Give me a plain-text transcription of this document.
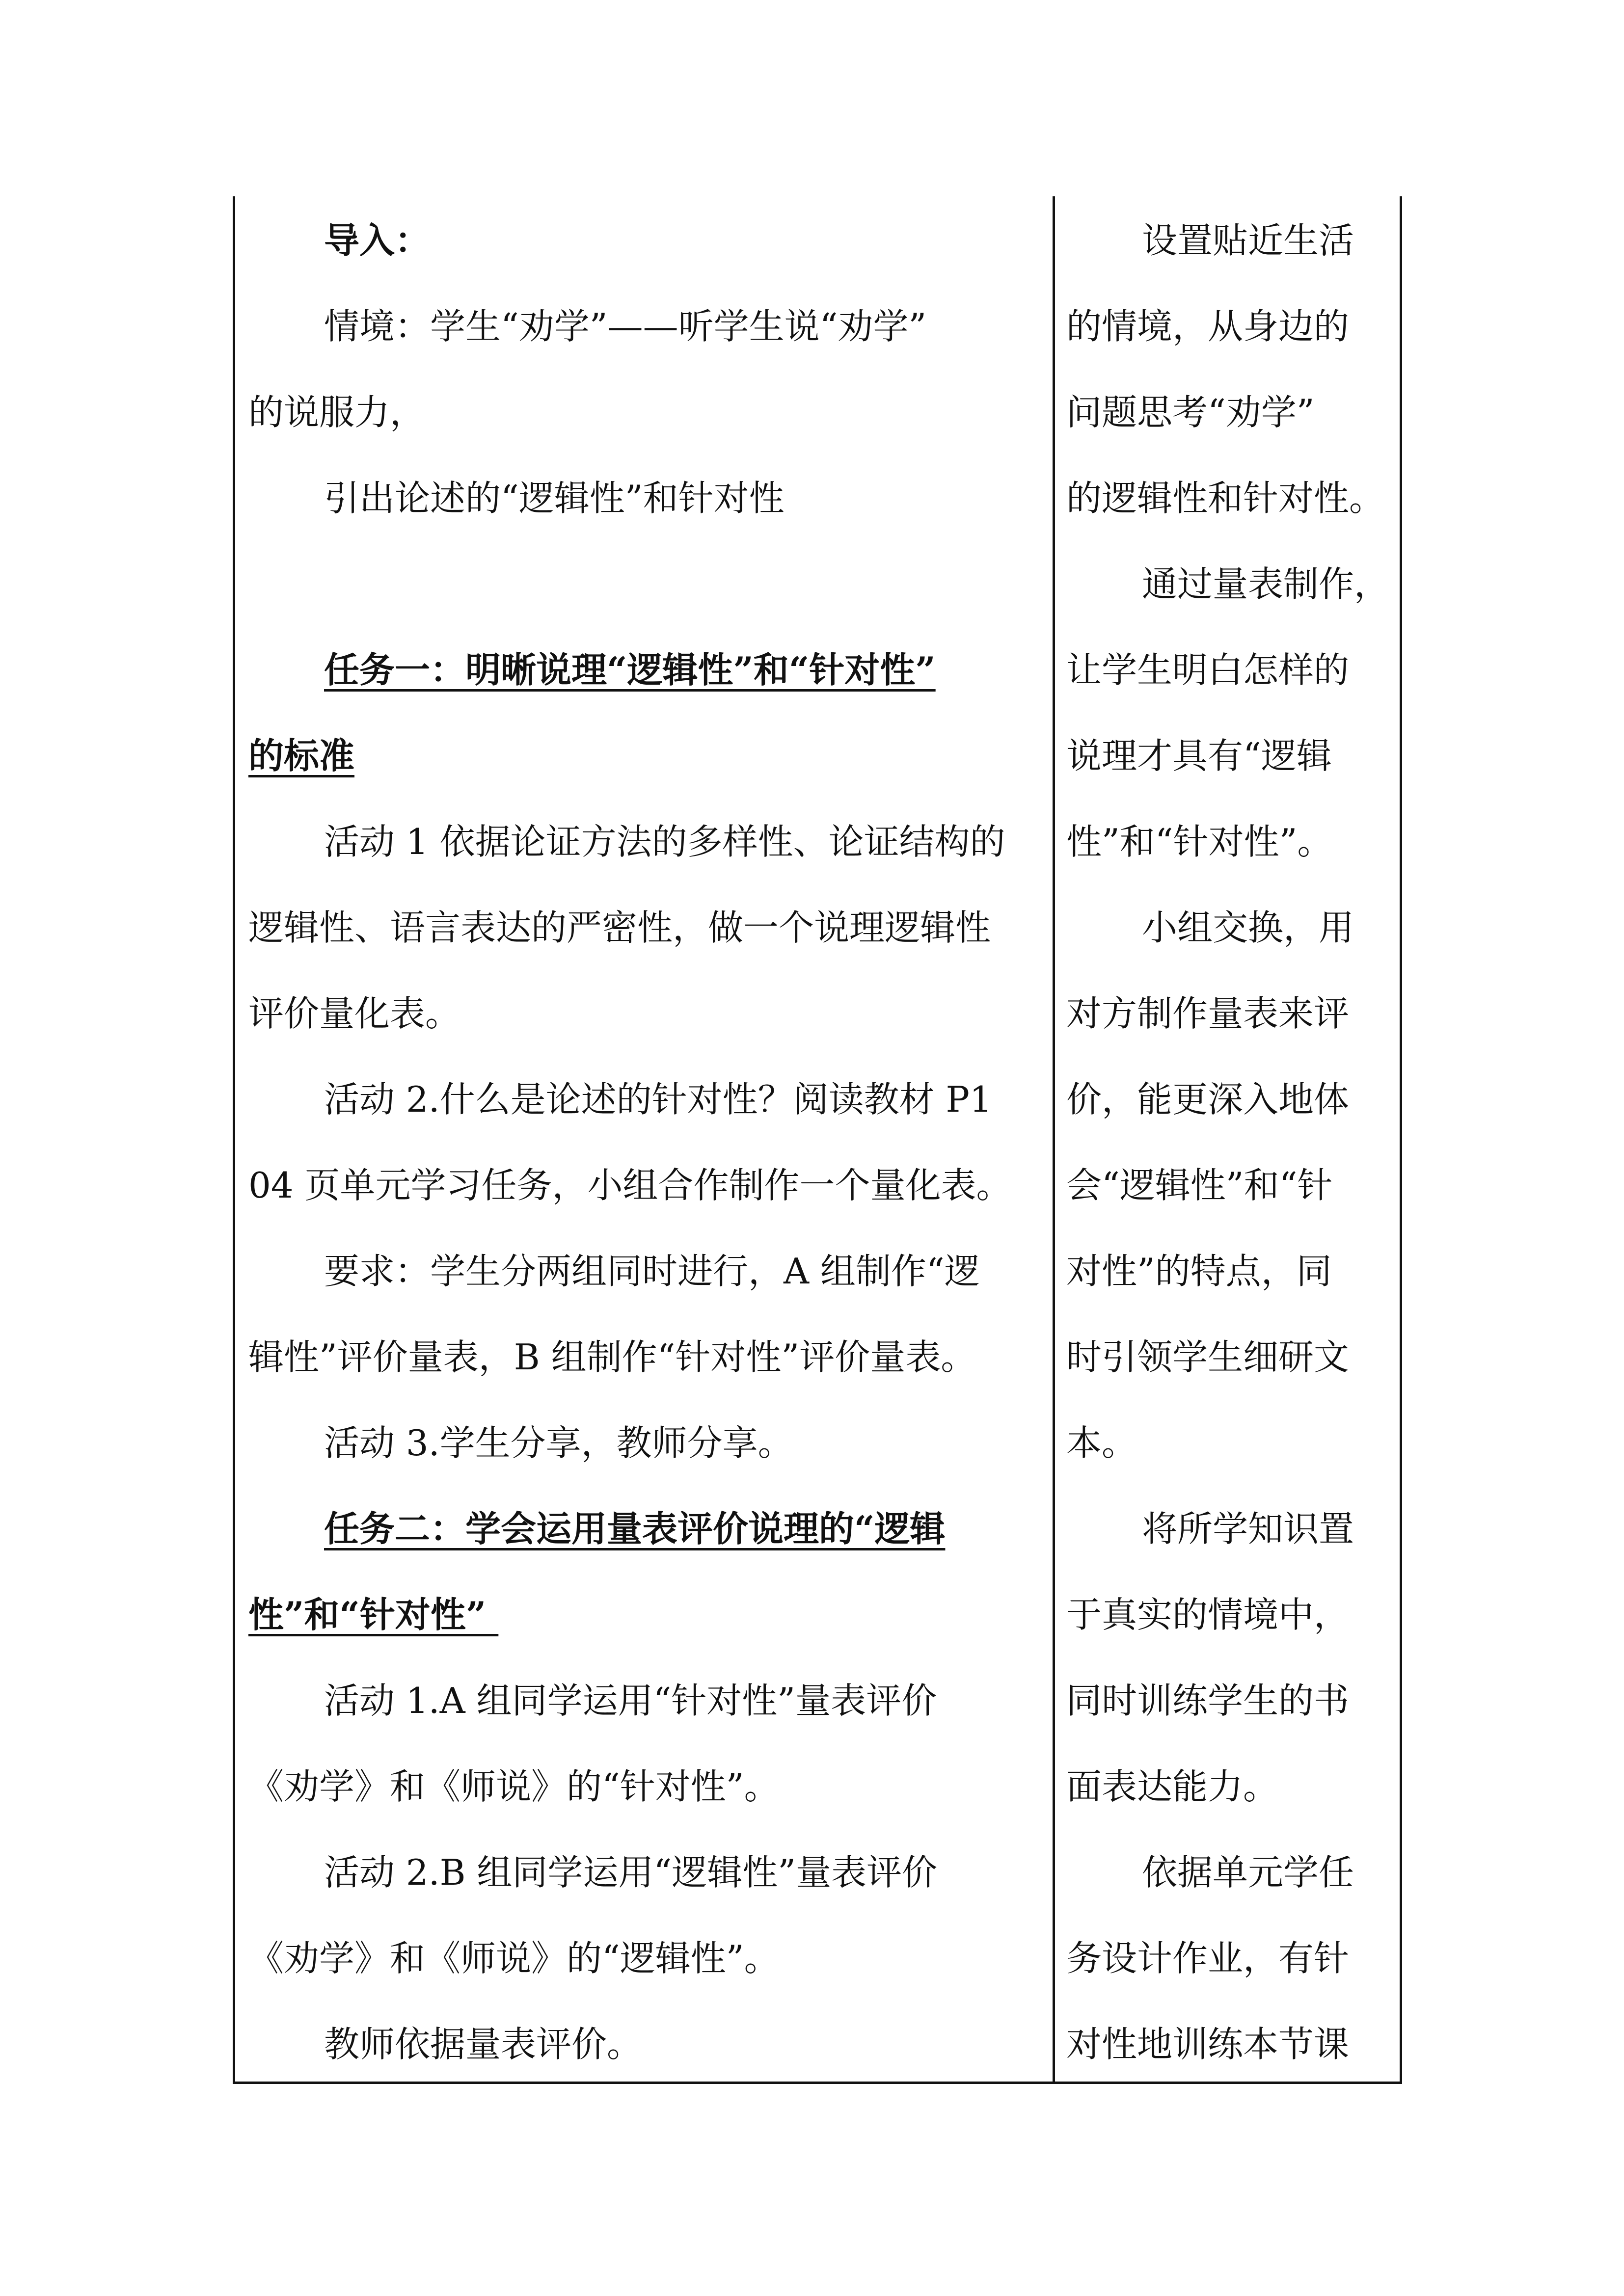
导入：
情境：学生“劝学”——听学生说“劝学”
的说服力，
引出论述的“逻辑性”和针对性
任务一：明晰说理“逻辑性”和“针对性”
的标准
活动 1 依据论证方法的多样性、论证结构的
逻辑性、语言表达的严密性，做一个说理逻辑性
评价量化表。
活动 2.什么是论述的针对性？阅读教材 P1
04 页单元学习任务，小组合作制作一个量化表。
要求：学生分两组同时进行，A 组制作“逻
辑性”评价量表，B 组制作“针对性”评价量表。
活动 3.学生分享，教师分享。
任务二：学会运用量表评价说理的“逻辑
性”和“针对性”
活动 1.A 组同学运用“针对性”量表评价
《劝学》和《师说》的“针对性”。
活动 2.B 组同学运用“逻辑性”量表评价
《劝学》和《师说》的“逻辑性”。
教师依据量表评价。
设置贴近生活
的情境，从身边的
问题思考“劝学”
的逻辑性和针对性。
通过量表制作，
让学生明白怎样的
说理才具有“逻辑
性”和“针对性”。
小组交换，用
对方制作量表来评
价，能更深入地体
会“逻辑性”和“针
对性”的特点，同
时引领学生细研文
本。
将所学知识置
于真实的情境中，
同时训练学生的书
面表达能力。
依据单元学任
务设计作业，有针
对性地训练本节课
